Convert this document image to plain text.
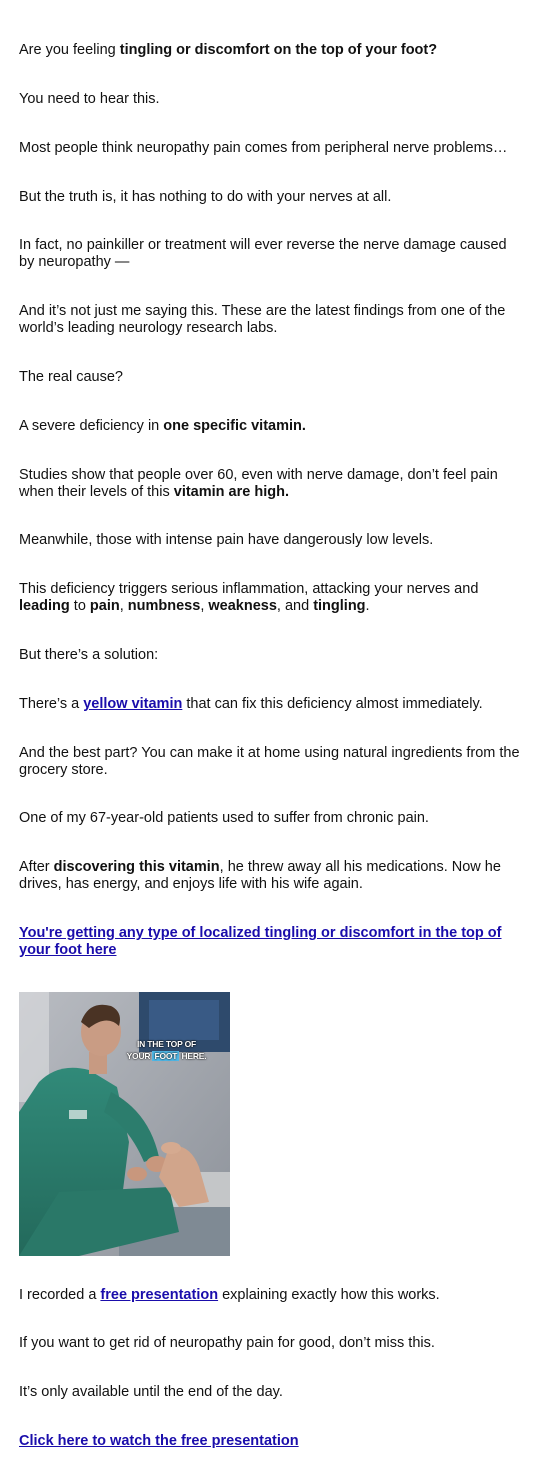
Are you feeling tingling or discomfort on the top of your foot?

You need to hear this.

Most people think neuropathy pain comes from peripheral nerve problems…

But the truth is, it has nothing to do with your nerves at all.

In fact, no painkiller or treatment will ever reverse the nerve damage caused by neuropathy —

And it’s not just me saying this. These are the latest findings from one of the world’s leading neurology research labs.

The real cause?

A severe deficiency in one specific vitamin.

Studies show that people over 60, even with nerve damage, don’t feel pain when their levels of this vitamin are high.

Meanwhile, those with intense pain have dangerously low levels.

This deficiency triggers serious inflammation, attacking your nerves and leading to pain, numbness, weakness, and tingling.

But there’s a solution:

There’s a yellow vitamin that can fix this deficiency almost immediately.

And the best part? You can make it at home using natural ingredients from the grocery store.

One of my 67-year-old patients used to suffer from chronic pain.

After discovering this vitamin, he threw away all his medications. Now he drives, has energy, and enjoys life with his wife again.

You're getting any type of localized tingling or discomfort in the top of your foot here

IN THE TOP OF
YOUR FOOT HERE.

I recorded a free presentation explaining exactly how this works.

If you want to get rid of neuropathy pain for good, don’t miss this.

It’s only available until the end of the day.

Click here to watch the free presentation
